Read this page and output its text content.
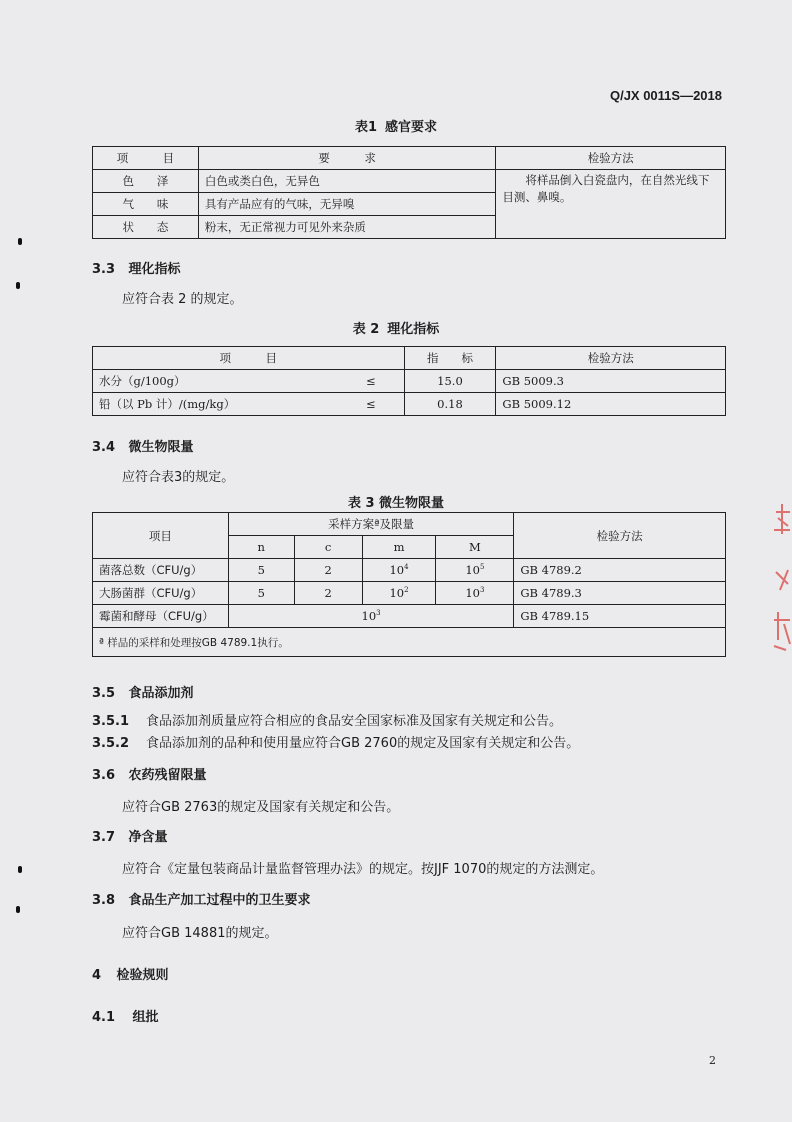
Q/JX 0011S—2018
表1 感官要求
项　　　目	要　　　求	检验方法
色　　泽	白色或类白色，无异色	将样品倒入白瓷盘内，在自然光线下目测、鼻嗅。
气　　味	具有产品应有的气味，无异嗅	
状　　态	粉末，无正常视力可见外来杂质	
3.3 理化指标
应符合表 2 的规定。
表 2 理化指标
项　　　目		指　　标	检验方法
水分（g/100g）	≤	15.0	GB 5009.3
铅（以 Pb 计）/(mg/kg）	≤	0.18	GB 5009.12
3.4 微生物限量
应符合表3的规定。
表 3 微生物限量
项目	采样方案ª及限量				检验方法
	n	c	m	M	
菌落总数（CFU/g）	5	2	$10^4$	$10^5$	GB 4789.2
大肠菌群（CFU/g）	5	2	$10^2$	$10^3$	GB 4789.3
霉菌和酵母（CFU/g）	$10^3$				GB 4789.15
ª 样品的采样和处理按GB 4789.1执行。					
3.5 食品添加剂
3.5.1 食品添加剂质量应符合相应的食品安全国家标准及国家有关规定和公告。
3.5.2 食品添加剂的品种和使用量应符合GB 2760的规定及国家有关规定和公告。
3.6 农药残留限量
应符合GB 2763的规定及国家有关规定和公告。
3.7 净含量
应符合《定量包装商品计量监督管理办法》的规定。按JJF 1070的规定的方法测定。
3.8 食品生产加工过程中的卫生要求
应符合GB 14881的规定。
4 检验规则
4.1 组批
2
